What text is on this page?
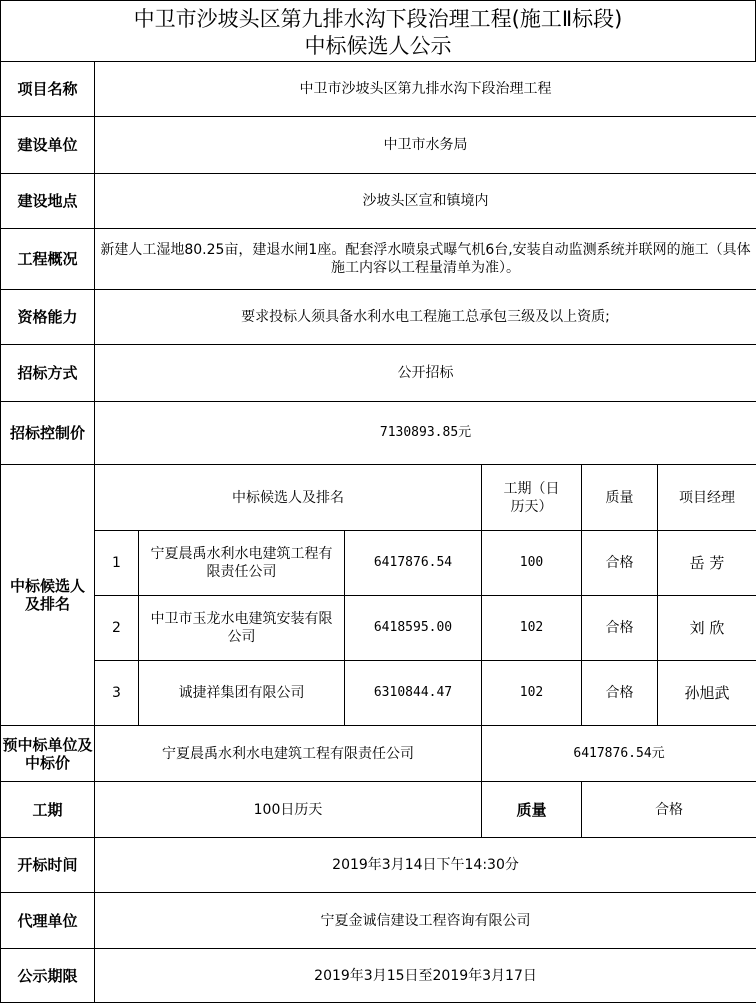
中卫市沙坡头区第九排水沟下段治理工程(施工Ⅱ标段)
中标候选人公示
项目名称	中卫市沙坡头区第九排水沟下段治理工程					
建设单位	中卫市水务局					
建设地点	沙坡头区宣和镇境内					
工程概况	新建人工湿地80.25亩，建退水闸1座。配套浮水喷泉式曝气机6台,安装自动监测系统并联网的施工（具体施工内容以工程量清单为准）。					
资格能力	要求投标人须具备水利水电工程施工总承包三级及以上资质;					
招标方式	公开招标					
招标控制价	7130893.85元					
中标候选人及排名	中标候选人及排名			工期（日历天）	质量	项目经理
	1	宁夏晨禹水利水电建筑工程有限责任公司	6417876.54	100	合格	岳 芳
	2	中卫市玉龙水电建筑安装有限公司	6418595.00	102	合格	刘 欣
	3	诚捷祥集团有限公司	6310844.47	102	合格	孙旭武
预中标单位及中标价	宁夏晨禹水利水电建筑工程有限责任公司			6417876.54元		
工期	100日历天			质量	合格	
开标时间	2019年3月14日下午14:30分					
代理单位	宁夏金诚信建设工程咨询有限公司					
公示期限	2019年3月15日至2019年3月17日					
